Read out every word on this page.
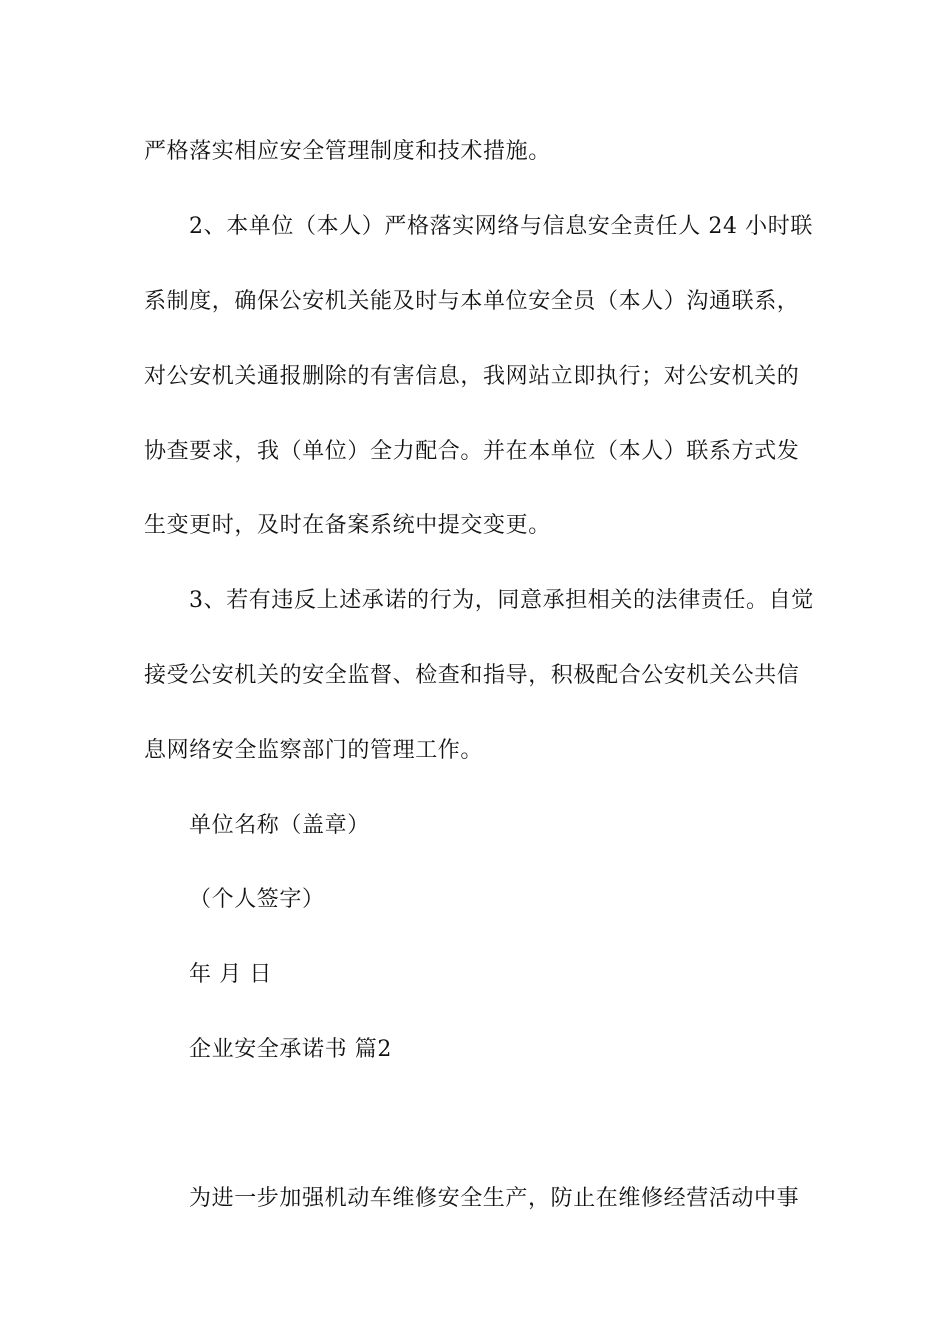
严格落实相应安全管理制度和技术措施。
2、本单位（本人）严格落实网络与信息安全责任人 24 小时联
系制度，确保公安机关能及时与本单位安全员（本人）沟通联系，
对公安机关通报删除的有害信息，我网站立即执行；对公安机关的
协查要求，我（单位）全力配合。并在本单位（本人）联系方式发
生变更时，及时在备案系统中提交变更。
3、若有违反上述承诺的行为，同意承担相关的法律责任。自觉
接受公安机关的安全监督、检查和指导，积极配合公安机关公共信
息网络安全监察部门的管理工作。
单位名称（盖章）
（个人签字）
年 月 日
企业安全承诺书 篇2
为进一步加强机动车维修安全生产，防止在维修经营活动中事
